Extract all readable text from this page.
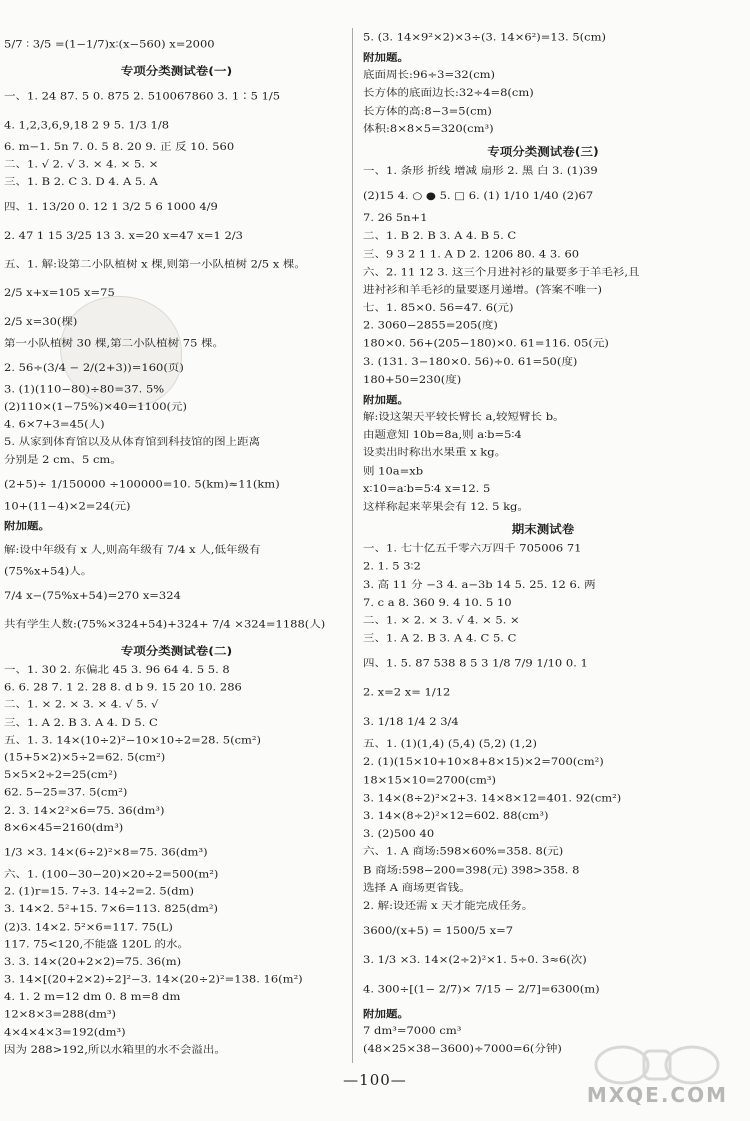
5/7 ∶ 3/5 =(1−1/7)x∶(x−560) x=2000
专项分类测试卷(一)
一、1. 24 87. 5 0. 875 2. 510067860 3. 1∶5 1/5
4. 1,2,3,6,9,18 2 9 5. 1/3 1/8
6. m−1. 5n 7. 0. 5 8. 20 9. 正 反 10. 560
二、1. √ 2. √ 3. × 4. × 5. ×
三、1. B 2. C 3. D 4. A 5. A
四、1. 13/20 0. 12 1 3/2 5 6 1000 4/9
2. 47 1 15 3/25 13 3. x=20 x=47 x=1 2/3
五、1. 解:设第二小队植树 x 棵,则第一小队植树 2/5 x 棵。
2/5 x+x=105 x=75
2/5 x=30(棵)
第一小队植树 30 棵,第二小队植树 75 棵。
2. 56÷(3/4 − 2/(2+3))=160(页)
3. (1)(110−80)÷80=37. 5%
(2)110×(1−75%)×40=1100(元)
4. 6×7+3=45(人)
5. 从家到体育馆以及从体育馆到科技馆的图上距离
分别是 2 cm、5 cm。
(2+5)÷ 1/150000 ÷100000=10. 5(km)≈11(km)
10+(11−4)×2=24(元)
附加题。
解:设中年级有 x 人,则高年级有 7/4 x 人,低年级有
(75%x+54)人。
7/4 x−(75%x+54)=270 x=324
共有学生人数:(75%×324+54)+324+ 7/4 ×324=1188(人)
专项分类测试卷(二)
一、1. 30 2. 东偏北 45 3. 96 64 4. 5 5. 8
6. 6. 28 7. 1 2. 28 8. d b 9. 15 20 10. 286
二、1. × 2. × 3. × 4. √ 5. √
三、1. A 2. B 3. A 4. D 5. C
五、1. 3. 14×(10÷2)²−10×10÷2=28. 5(cm²)
(15+5×2)×5÷2=62. 5(cm²)
5×5×2÷2=25(cm²)
62. 5−25=37. 5(cm²)
2. 3. 14×2²×6=75. 36(dm³)
8×6×45=2160(dm³)
1/3 ×3. 14×(6÷2)²×8=75. 36(dm³)
六、1. (100−30−20)×20÷2=500(m²)
2. (1)r=15. 7÷3. 14÷2=2. 5(dm)
3. 14×2. 5²+15. 7×6=113. 825(dm²)
(2)3. 14×2. 5²×6=117. 75(L)
117. 75<120,不能盛 120L 的水。
3. 3. 14×(20+2×2)=75. 36(m)
3. 14×[(20+2×2)÷2]²−3. 14×(20÷2)²=138. 16(m²)
4. 1. 2 m=12 dm 0. 8 m=8 dm
12×8×3=288(dm³)
4×4×4×3=192(dm³)
因为 288>192,所以水箱里的水不会溢出。
5. (3. 14×9²×2)×3÷(3. 14×6²)=13. 5(cm)
附加题。
底面周长:96÷3=32(cm)
长方体的底面边长:32÷4=8(cm)
长方体的高:8−3=5(cm)
体积:8×8×5=320(cm³)
专项分类测试卷(三)
一、1. 条形 折线 增减 扇形 2. 黑 白 3. (1)39
(2)15 4. ○ ● 5. □ 6. (1) 1/10 1/40 (2)67
7. 26 5n+1
二、1. B 2. B 3. A 4. B 5. C
三、9 3 2 1 1. A D 2. 1206 80. 4 3. 60
六、2. 11 12 3. 这三个月进衬衫的量要多于羊毛衫,且
进衬衫和羊毛衫的量要逐月递增。(答案不唯一)
七、1. 85×0. 56=47. 6(元)
2. 3060−2855=205(度)
180×0. 56+(205−180)×0. 61=116. 05(元)
3. (131. 3−180×0. 56)÷0. 61=50(度)
180+50=230(度)
附加题。
解:设这架天平较长臂长 a,较短臂长 b。
由题意知 10b=8a,则 a∶b=5∶4
设卖出时称出水果重 x kg。
则 10a=xb
x∶10=a∶b=5∶4 x=12. 5
这样称起来苹果会有 12. 5 kg。
期末测试卷
一、1. 七十亿五千零六万四千 705006 71
2. 1. 5 3∶2
3. 高 11 分 −3 4. a−3b 14 5. 25. 12 6. 两
7. c a 8. 360 9. 4 10. 5 10
二、1. × 2. × 3. √ 4. × 5. ×
三、1. A 2. B 3. A 4. C 5. C
四、1. 5. 87 538 8 5 3 1/8 7/9 1/10 0. 1
2. x=2 x= 1/12
3. 1/18 1/4 2 3/4
五、1. (1)(1,4) (5,4) (5,2) (1,2)
2. (1)(15×10+10×8+8×15)×2=700(cm²)
18×15×10=2700(cm³)
3. 14×(8÷2)²×2+3. 14×8×12=401. 92(cm²)
3. 14×(8÷2)²×12=602. 88(cm³)
3. (2)500 40
六、1. A 商场:598×60%=358. 8(元)
B 商场:598−200=398(元) 398>358. 8
选择 A 商场更省钱。
2. 解:设还需 x 天才能完成任务。
3600/(x+5) = 1500/5 x=7
3. 1/3 ×3. 14×(2÷2)²×1. 5÷0. 3≈6(次)
4. 300÷[(1− 2/7)× 7/15 − 2/7]=6300(m)
附加题。
7 dm³=7000 cm³
(48×25×38−3600)÷7000=6(分钟)
—100—
MXQE.COM
